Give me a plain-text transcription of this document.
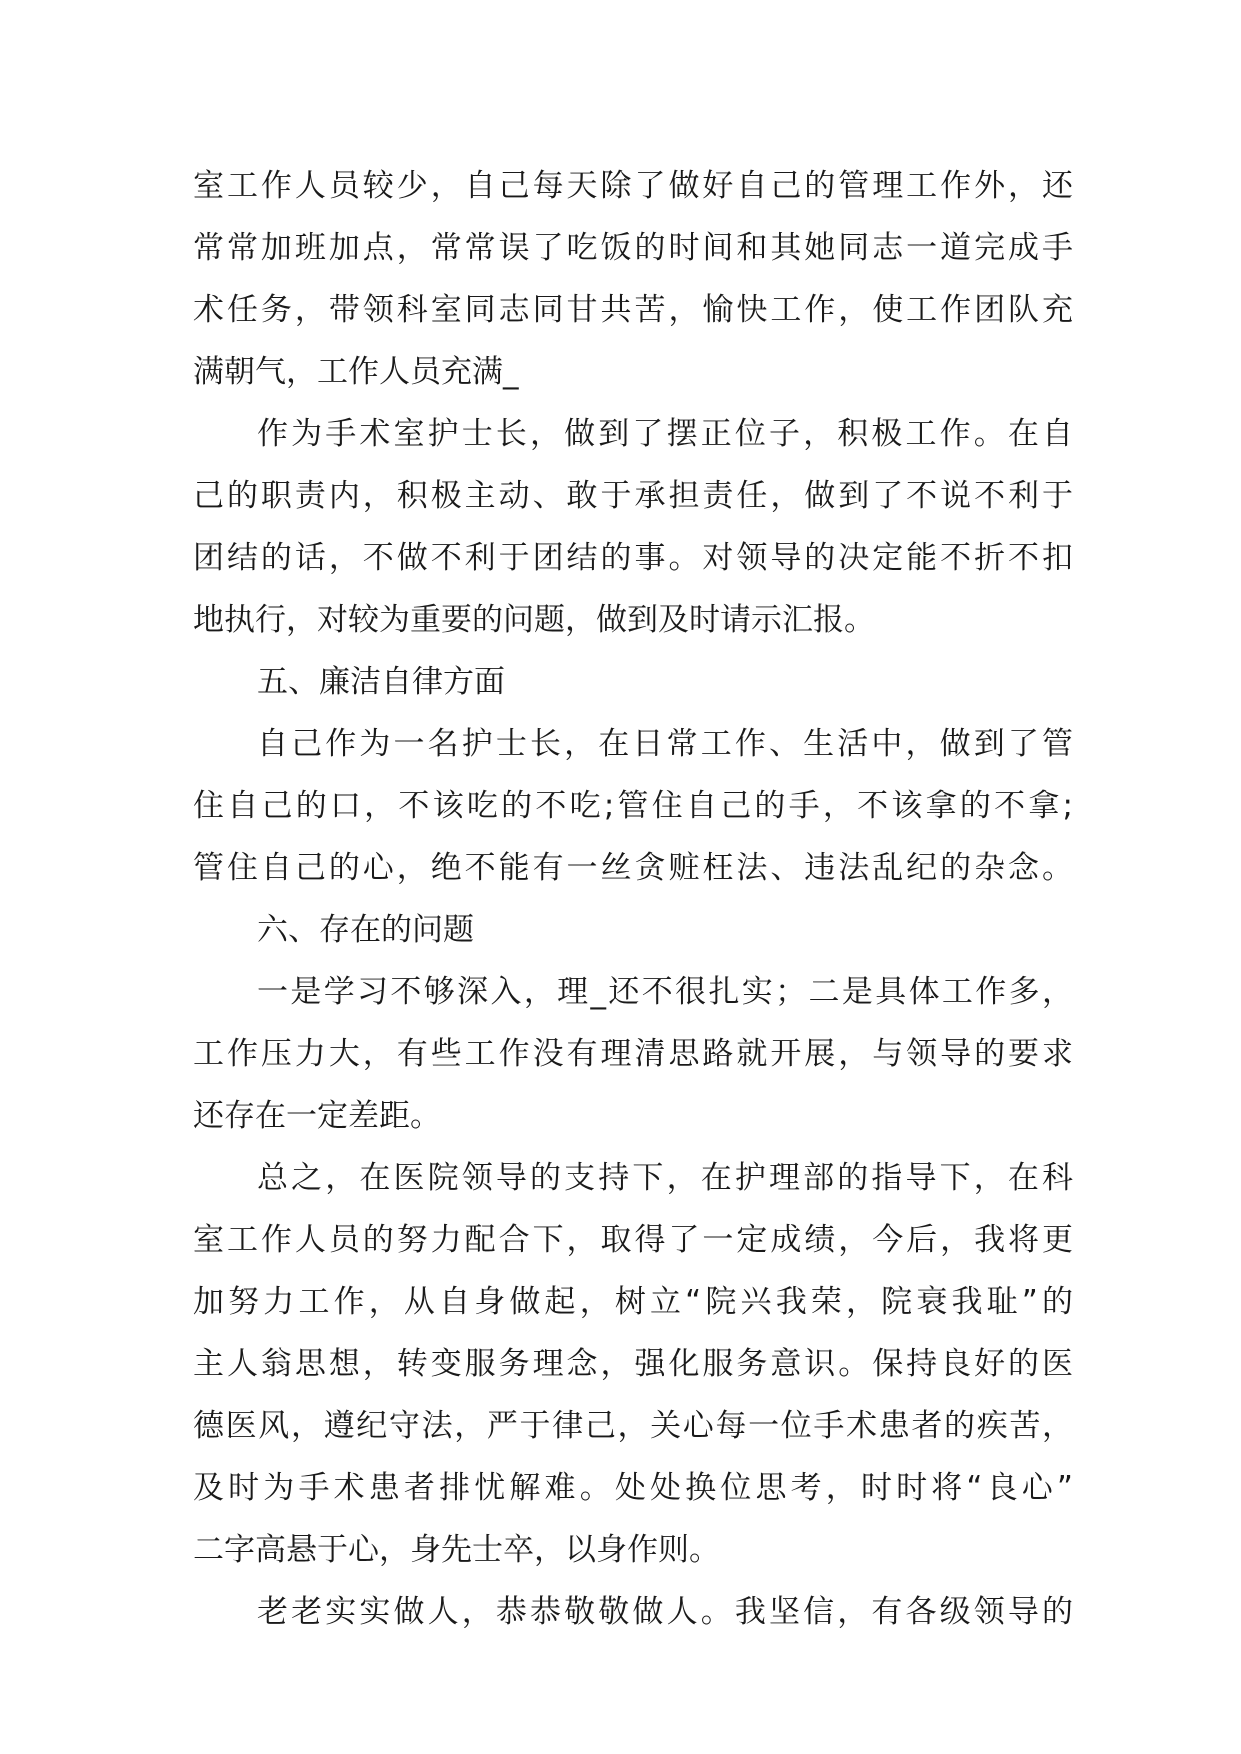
室工作人员较少，自己每天除了做好自己的管理工作外，还
常常加班加点，常常误了吃饭的时间和其她同志一道完成手
术任务，带领科室同志同甘共苦，愉快工作，使工作团队充
满朝气，工作人员充满_
作为手术室护士长，做到了摆正位子，积极工作。在自
己的职责内，积极主动、敢于承担责任，做到了不说不利于
团结的话，不做不利于团结的事。对领导的决定能不折不扣
地执行，对较为重要的问题，做到及时请示汇报。
五、廉洁自律方面
自己作为一名护士长，在日常工作、生活中，做到了管
住自己的口，不该吃的不吃;管住自己的手，不该拿的不拿;
管住自己的心，绝不能有一丝贪赃枉法、违法乱纪的杂念。
六、存在的问题
一是学习不够深入，理_还不很扎实；二是具体工作多，
工作压力大，有些工作没有理清思路就开展，与领导的要求
还存在一定差距。
总之，在医院领导的支持下，在护理部的指导下，在科
室工作人员的努力配合下，取得了一定成绩，今后，我将更
加努力工作，从自身做起，树立“院兴我荣，院衰我耻”的
主人翁思想，转变服务理念，强化服务意识。保持良好的医
德医风，遵纪守法，严于律己，关心每一位手术患者的疾苦，
及时为手术患者排忧解难。处处换位思考，时时将“良心”
二字高悬于心，身先士卒，以身作则。
老老实实做人，恭恭敬敬做人。我坚信，有各级领导的
